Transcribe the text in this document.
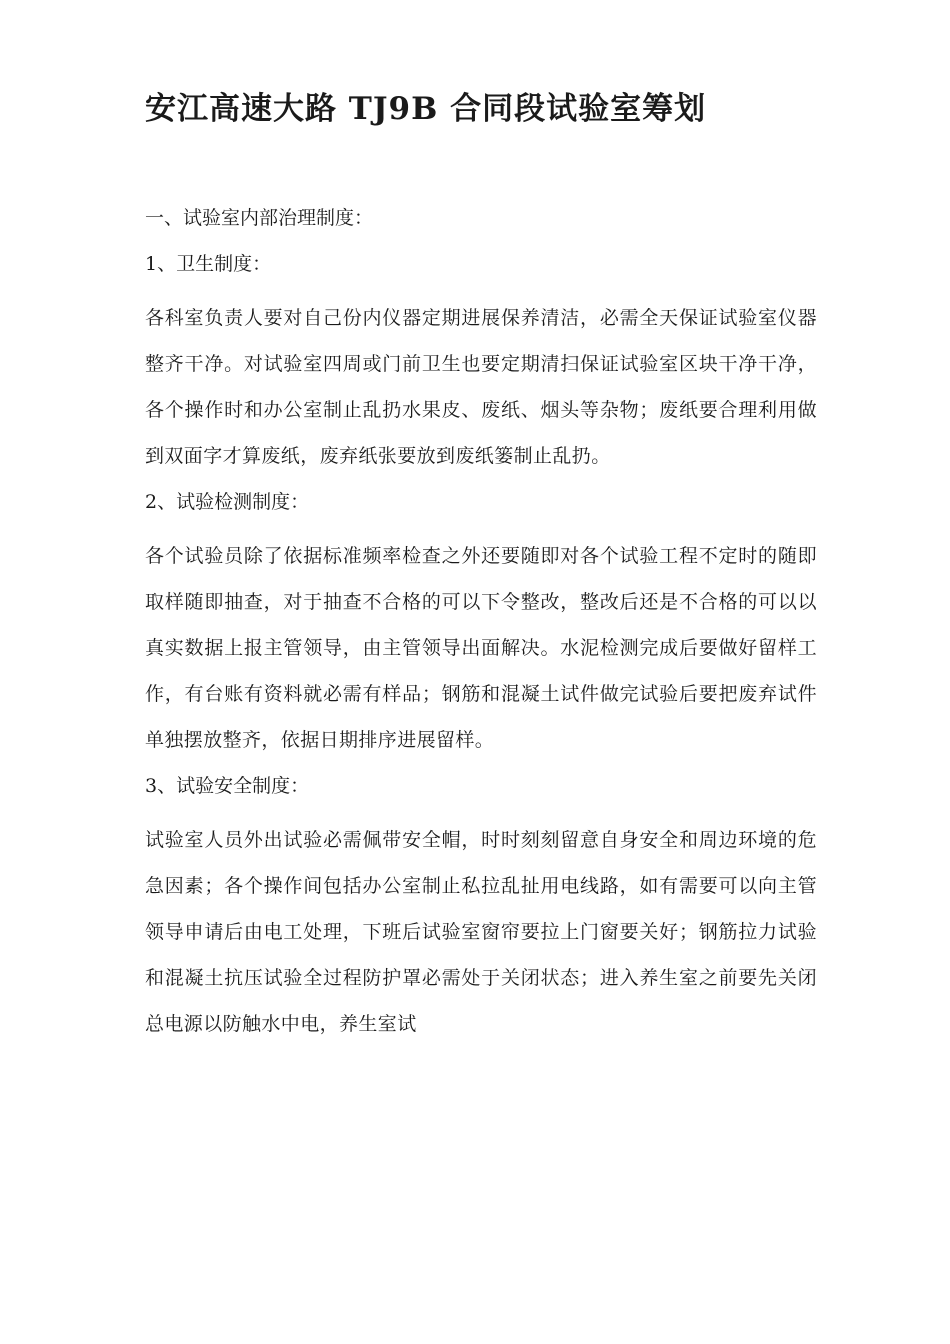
安江高速大路 TJ9B 合同段试验室筹划

一、试验室内部治理制度：

1、卫生制度：

各科室负责人要对自己份内仪器定期进展保养清洁，必需全天保证试验室仪器整齐干净。对试验室四周或门前卫生也要定期清扫保证试验室区块干净干净，各个操作时和办公室制止乱扔水果皮、废纸、烟头等杂物；废纸要合理利用做到双面字才算废纸，废弃纸张要放到废纸篓制止乱扔。

2、试验检测制度：

各个试验员除了依据标准频率检查之外还要随即对各个试验工程不定时的随即取样随即抽查，对于抽查不合格的可以下令整改，整改后还是不合格的可以以真实数据上报主管领导，由主管领导出面解决。水泥检测完成后要做好留样工作，有台账有资料就必需有样品；钢筋和混凝土试件做完试验后要把废弃试件单独摆放整齐，依据日期排序进展留样。

3、试验安全制度：

试验室人员外出试验必需佩带安全帽，时时刻刻留意自身安全和周边环境的危急因素；各个操作间包括办公室制止私拉乱扯用电线路，如有需要可以向主管领导申请后由电工处理，下班后试验室窗帘要拉上门窗要关好；钢筋拉力试验和混凝土抗压试验全过程防护罩必需处于关闭状态；进入养生室之前要先关闭总电源以防触水中电，养生室试
